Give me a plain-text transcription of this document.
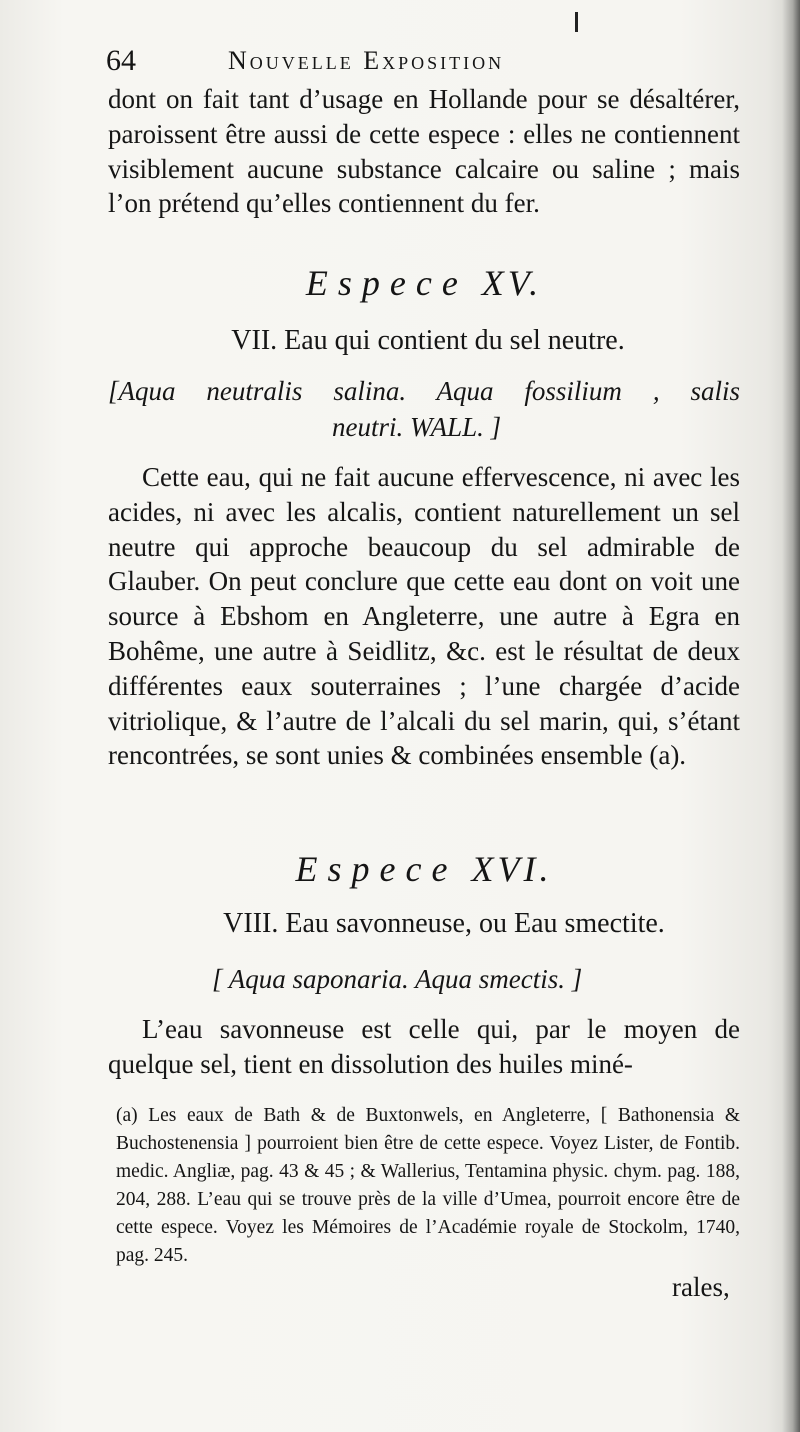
64	Nouvelle Exposition
dont on fait tant d’usage en Hollande pour se désaltérer, paroissent être aussi de cette espece : elles ne contiennent visiblement aucune substance calcaire ou saline ; mais l’on prétend qu’elles contiennent du fer.
Espece XV.
VII. Eau qui contient du sel neutre.
[Aqua neutralis salina. Aqua fossilium , salis
neutri. WALL. ]
Cette eau, qui ne fait aucune effervescence, ni avec les acides, ni avec les alcalis, contient naturellement un sel neutre qui approche beaucoup du sel admirable de Glauber. On peut conclure que cette eau dont on voit une source à Ebshom en Angleterre, une autre à Egra en Bohême, une autre à Seidlitz, &c. est le résultat de deux différentes eaux souterraines ; l’une chargée d’acide vitriolique, & l’autre de l’alcali du sel marin, qui, s’étant rencontrées, se sont unies & combinées ensemble (a).
Espece XVI.
VIII. Eau savonneuse, ou Eau smectite.
[ Aqua saponaria. Aqua smectis. ]
L’eau savonneuse est celle qui, par le moyen de quelque sel, tient en dissolution des huiles miné-
(a) Les eaux de Bath & de Buxtonwels, en Angleterre, [ Bathonensia & Buchostenensia ] pourroient bien être de cette espece. Voyez Lister, de Fontib. medic. Angliæ, pag. 43 & 45 ; & Wallerius, Tentamina physic. chym. pag. 188, 204, 288. L’eau qui se trouve près de la ville d’Umea, pourroit encore être de cette espece. Voyez les Mémoires de l’Académie royale de Stockolm, 1740, pag. 245.
rales,
